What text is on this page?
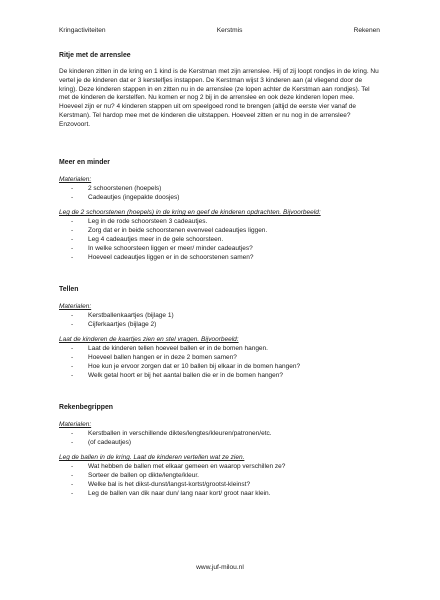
Kringactiviteiten	Kerstmis	Rekenen
Ritje met de arrenslee

De kinderen zitten in de kring en 1 kind is de Kerstman met zijn arrenslee. Hij of zij loopt rondjes in de kring. Nu vertel je de kinderen dat er 3 kerstelfjes instappen. De Kerstman wijst 3 kinderen aan (al vliegend door de kring). Deze kinderen stappen in en zitten nu in de arrenslee (ze lopen achter de Kerstman aan rondjes). Tel met de kinderen de kerstelfen. Nu komen er nog 2 bij in de arrenslee en ook deze kinderen lopen mee. Hoeveel zijn er nu? 4 kinderen stappen uit om speelgoed rond te brengen (altijd de eerste vier vanaf de Kerstman). Tel hardop mee met de kinderen die uitstappen. Hoeveel zitten er nu nog in de arrenslee? Enzovoort.

Meer en minder
Materialen:
- 2 schoorstenen (hoepels)
- Cadeautjes (ingepakte doosjes)
Leg de 2 schoorstenen (hoepels) in de kring en geef de kinderen opdrachten. Bijvoorbeeld:
- Leg in de rode schoorsteen 3 cadeautjes.
- Zorg dat er in beide schoorstenen evenveel cadeautjes liggen.
- Leg 4 cadeautjes meer in de gele schoorsteen.
- In welke schoorsteen liggen er meer/ minder cadeautjes?
- Hoeveel cadeautjes liggen er in de schoorstenen samen?
Tellen
Materialen:
- Kerstballenkaartjes (bijlage 1)
- Cijferkaartjes (bijlage 2)
Laat de kinderen de kaartjes zien en stel vragen. Bijvoorbeeld:
- Laat de kinderen tellen hoeveel ballen er in de bomen hangen.
- Hoeveel ballen hangen er in deze 2 bomen samen?
- Hoe kun je ervoor zorgen dat er 10 ballen bij elkaar in de bomen hangen?
- Welk getal hoort er bij het aantal ballen die er in de bomen hangen?
Rekenbegrippen
Materialen:
- Kerstballen in verschillende diktes/lengtes/kleuren/patronen/etc.
- (of cadeautjes)
Leg de ballen in de kring. Laat de kinderen vertellen wat ze zien.
- Wat hebben de ballen met elkaar gemeen en waarop verschillen ze?
- Sorteer de ballen op dikte/lengte/kleur.
- Welke bal is het dikst-dunst/langst-kortst/grootst-kleinst?
- Leg de ballen van dik naar dun/ lang naar kort/ groot naar klein.
www.juf-milou.nl
